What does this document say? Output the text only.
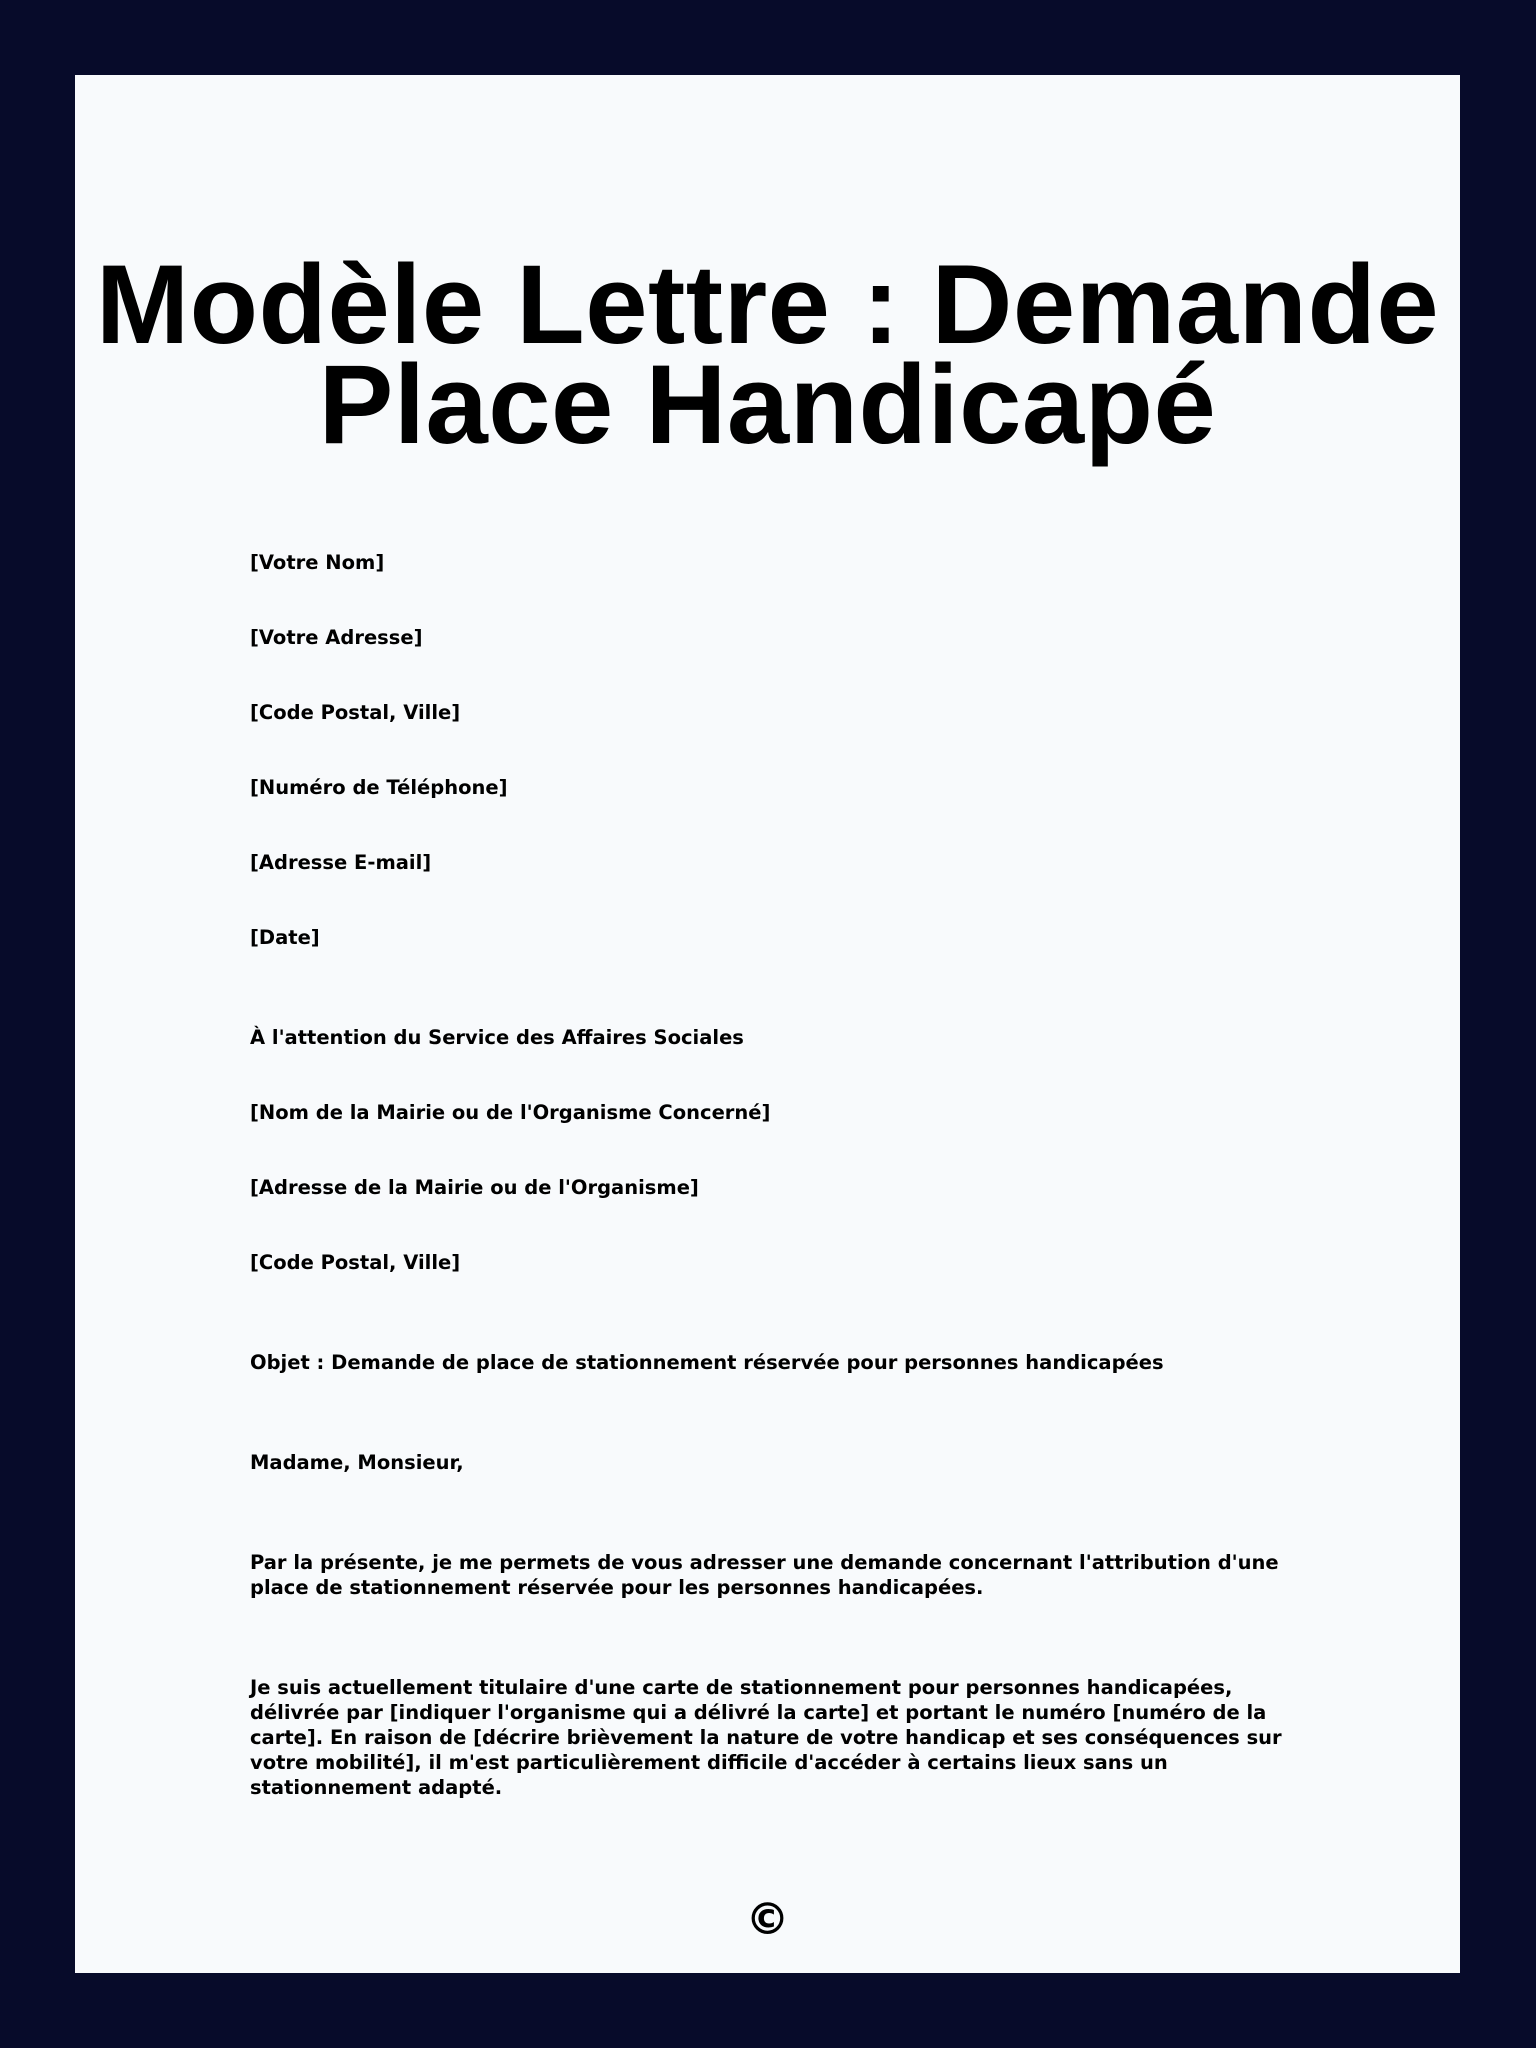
Modèle Lettre : Demande Place Handicapé

[Votre Nom]

[Votre Adresse]

[Code Postal, Ville]

[Numéro de Téléphone]

[Adresse E-mail]

[Date]

À l'attention du Service des Affaires Sociales

[Nom de la Mairie ou de l'Organisme Concerné]

[Adresse de la Mairie ou de l'Organisme]

[Code Postal, Ville]

Objet : Demande de place de stationnement réservée pour personnes handicapées

Madame, Monsieur,

Par la présente, je me permets de vous adresser une demande concernant l'attribution d'une place de stationnement réservée pour les personnes handicapées.

Je suis actuellement titulaire d'une carte de stationnement pour personnes handicapées, délivrée par [indiquer l'organisme qui a délivré la carte] et portant le numéro [numéro de la carte]. En raison de [décrire brièvement la nature de votre handicap et ses conséquences sur votre mobilité], il m'est particulièrement difficile d'accéder à certains lieux sans un stationnement adapté.

©
